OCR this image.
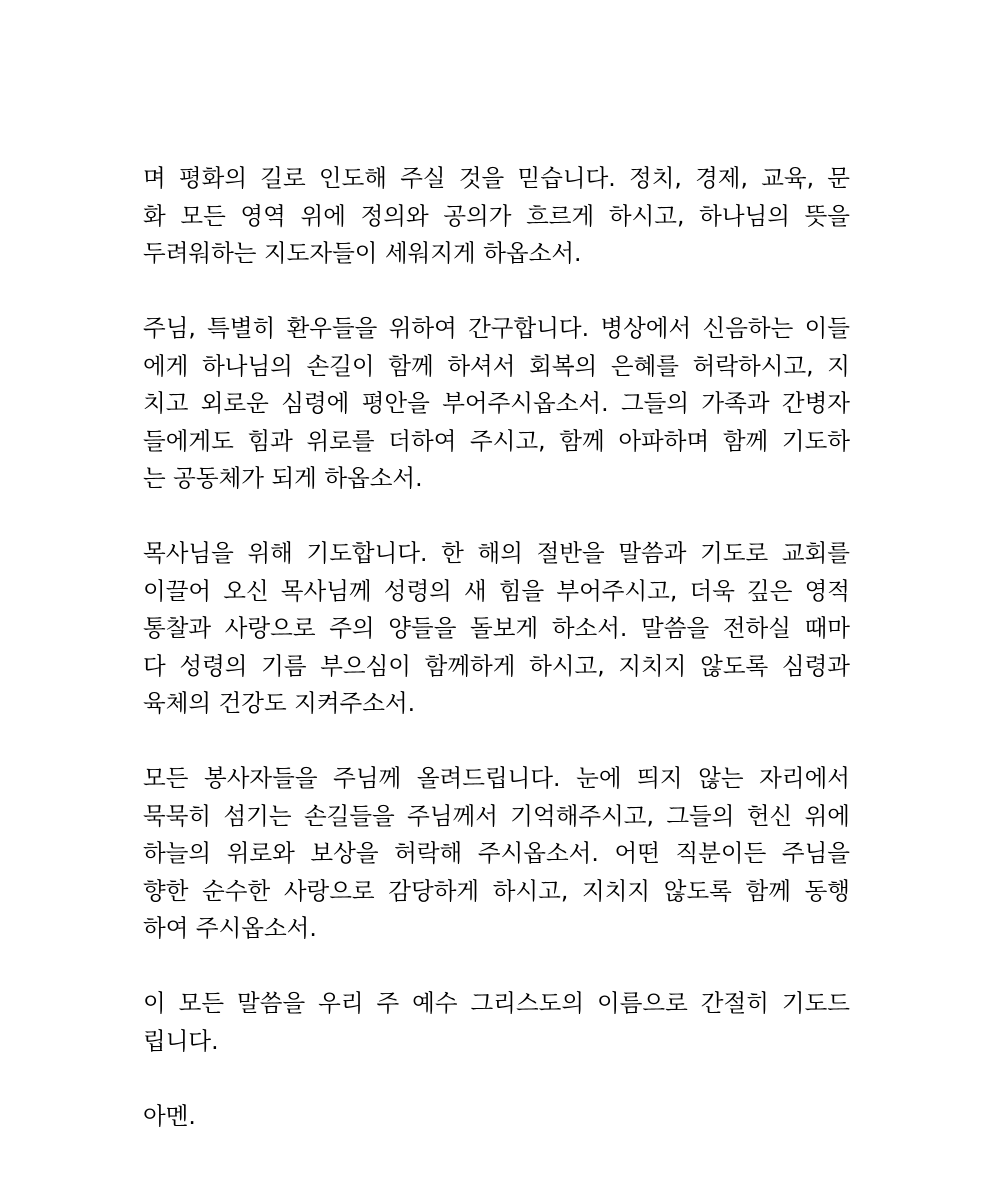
며 평화의 길로 인도해 주실 것을 믿습니다. 정치, 경제, 교육, 문
화 모든 영역 위에 정의와 공의가 흐르게 하시고, 하나님의 뜻을
두려워하는 지도자들이 세워지게 하옵소서.

주님, 특별히 환우들을 위하여 간구합니다. 병상에서 신음하는 이들
에게 하나님의 손길이 함께 하셔서 회복의 은혜를 허락하시고, 지
치고 외로운 심령에 평안을 부어주시옵소서. 그들의 가족과 간병자
들에게도 힘과 위로를 더하여 주시고, 함께 아파하며 함께 기도하
는 공동체가 되게 하옵소서.

목사님을 위해 기도합니다. 한 해의 절반을 말씀과 기도로 교회를
이끌어 오신 목사님께 성령의 새 힘을 부어주시고, 더욱 깊은 영적
통찰과 사랑으로 주의 양들을 돌보게 하소서. 말씀을 전하실 때마
다 성령의 기름 부으심이 함께하게 하시고, 지치지 않도록 심령과
육체의 건강도 지켜주소서.

모든 봉사자들을 주님께 올려드립니다. 눈에 띄지 않는 자리에서
묵묵히 섬기는 손길들을 주님께서 기억해주시고, 그들의 헌신 위에
하늘의 위로와 보상을 허락해 주시옵소서. 어떤 직분이든 주님을
향한 순수한 사랑으로 감당하게 하시고, 지치지 않도록 함께 동행
하여 주시옵소서.

이 모든 말씀을 우리 주 예수 그리스도의 이름으로 간절히 기도드
립니다.

아멘.
